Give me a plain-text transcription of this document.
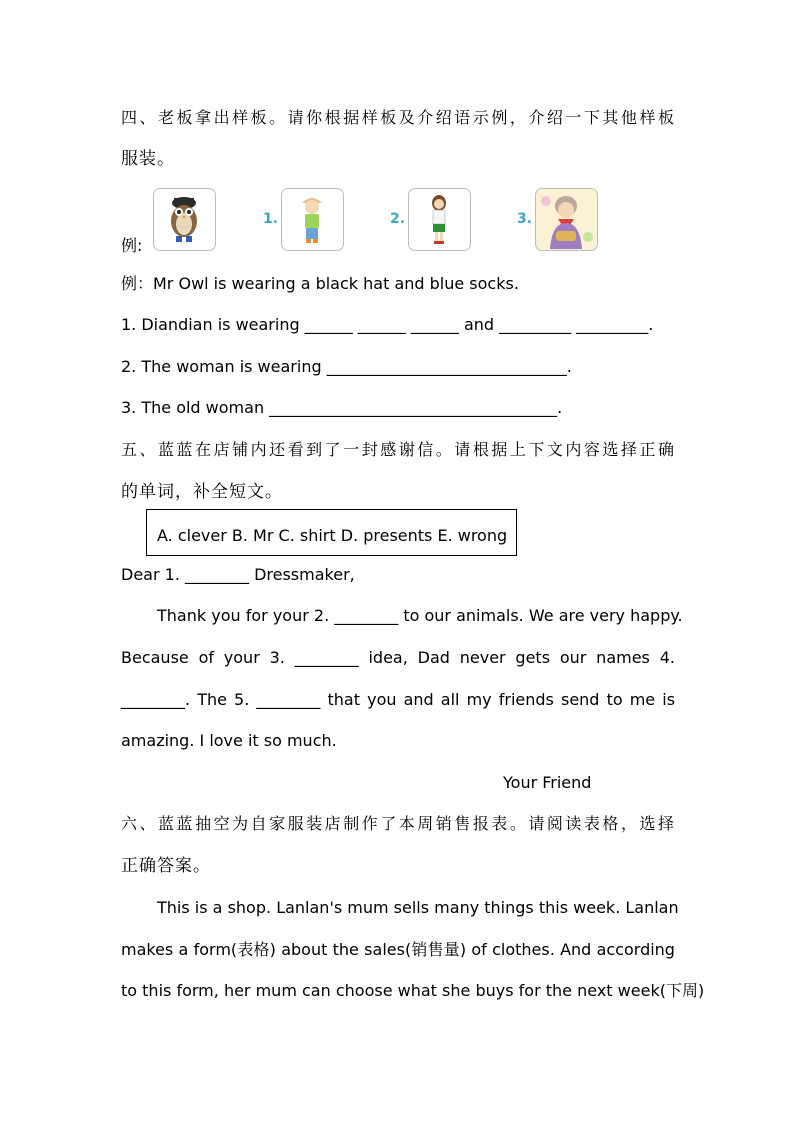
四、老板拿出样板。请你根据样板及介绍语示例，介绍一下其他样板
服装。
例:
1.	2.	3.
例：Mr Owl is wearing a black hat and blue socks.
1. Diandian is wearing ______ ______ ______ and _________ _________.
2. The woman is wearing ______________________________.
3. The old woman ____________________________________.
五、蓝蓝在店铺内还看到了一封感谢信。请根据上下文内容选择正确
的单词，补全短文。
A. clever B. Mr C. shirt D. presents E. wrong
Dear 1. ________ Dressmaker,
Thank you for your 2. ________ to our animals. We are very happy.
Because of your 3. ________ idea, Dad never gets our names 4.
________. The 5. ________ that you and all my friends send to me is
amazing. I love it so much.
Your Friend
六、蓝蓝抽空为自家服装店制作了本周销售报表。请阅读表格，选择
正确答案。
This is a shop. Lanlan's mum sells many things this week. Lanlan
makes a form(表格) about the sales(销售量) of clothes. And according
to this form, her mum can choose what she buys for the next week(下周)
